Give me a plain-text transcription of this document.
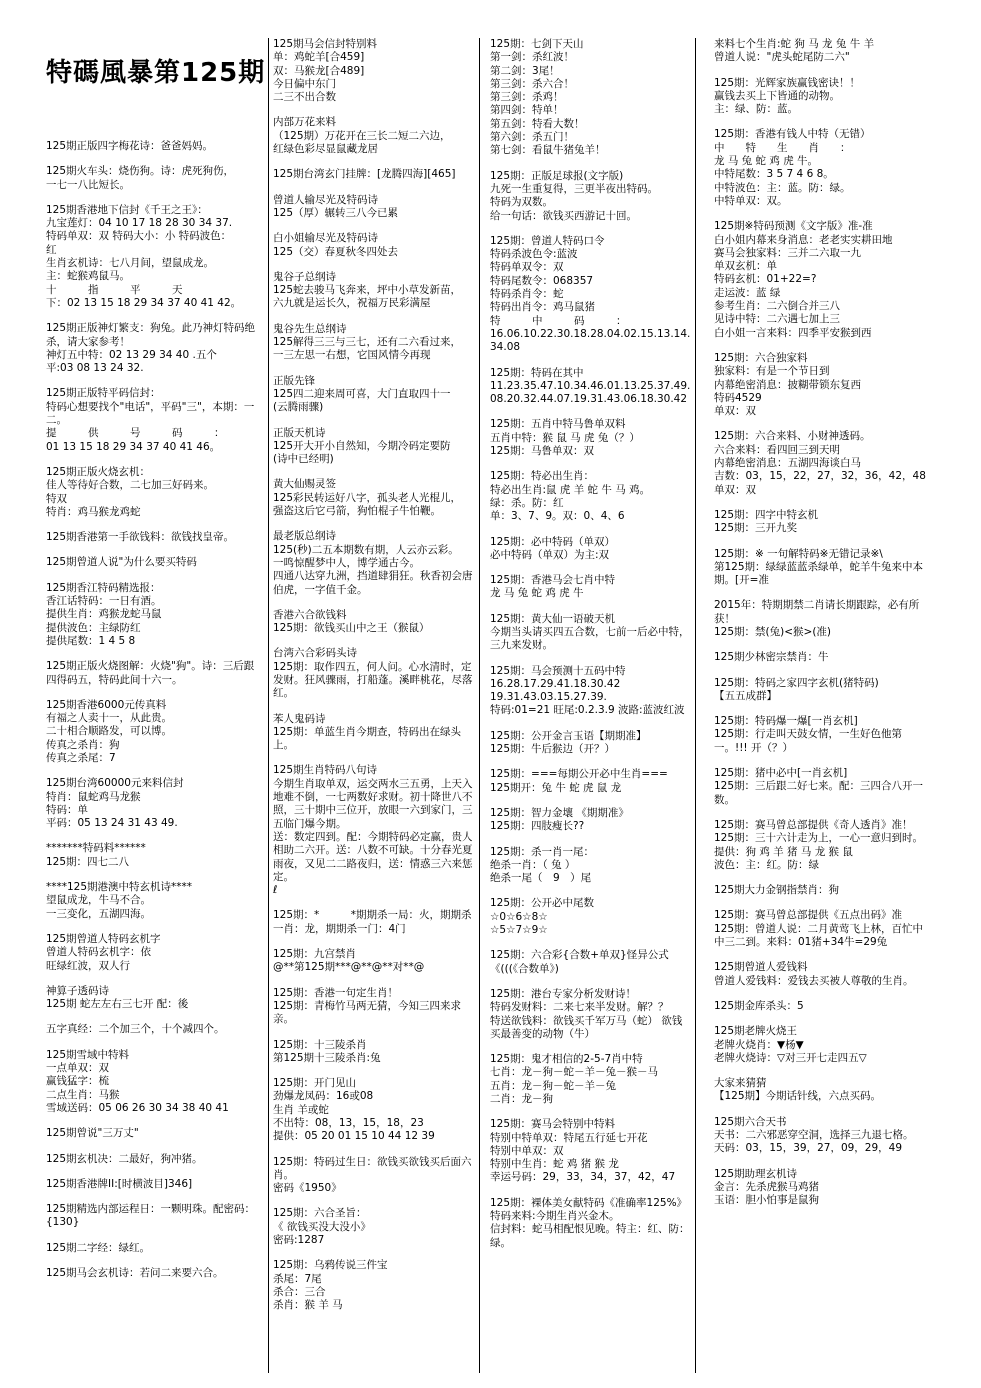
特碼風暴第125期
125期正版四字梅花诗：爸爸妈妈。
125期火车头：烧伤狗。诗：虎死狗伤，
一七一八比短长。
125期香港地下信封《千王之王》：
九宝莲灯：04 10 17 18 28 30 34 37.
特码单双：双 特码大小：小 特码波色：
红
生肖玄机诗：七八月间，望鼠成龙。
主：蛇猴鸡鼠马。
十　　　指　　　平　　　天
下：02 13 15 18 29 34 37 40 41 42。
125期正版神灯繁支：狗兔。此乃神灯特码绝杀，请大家参考！
神灯五中特：02 13 29 34 40 .五个
平:03 08 13 24 32.
125期正版特平码信封：
特码心想要找个"电话"，平码"三"，本期：一二。
提　　　供　　　号　　　码　　　：
01 13 15 18 29 34 37 40 41 46。
125期正版火烧玄机：
佳人等待好合数，二七加三好码来。
特双
特肖：鸡马猴龙鸡蛇
125期香港第一手欲钱料：欲钱找皇帝。
125期曾道人说"为什么要买特码
125期香江特码精选报：
香江话特码：一日有酒。
提供生肖：鸡猴龙蛇马鼠
提供波色：主绿防红
提供尾数：1 4 5 8
125期正版火烧图解：火烧"狗"。诗：三后跟四得码五，特码此间十六一。
125期香港6000元传真料
有福之人卖十一，从此贵。
二十相合顺路发，可以博。
传真之杀肖：狗
传真之杀尾：7
125期台湾60000元来料信封
特肖：鼠蛇鸡马龙猴
特码：单
平码：05 13 24 31 43 49.
*******特码料******
125期：四七二八
****125期港澳中特玄机诗****
望鼠成龙，牛马不合。
一三变化，五湖四海。
125期曾道人特码玄机字
曾道人特码玄机字：依
旺绿红波，双人行
神算子透码诗
125期 蛇左左右三七开 配：後
五字真经：二个加三个，十个减四个。
125期雪域中特料
一点单双：双
赢钱猛字：梳
二点生肖：马猴
雪域送码：05 06 26 30 34 38 40 41
125期曾说"三万丈"
125期玄机决：二最好，狗冲猪。
125期香港牌II:[时横波目]346]
125期精选内部运程日：一颗明珠。配密码：{130}
125期二字经：绿红。
125期马会玄机诗：若问二来要六合。
125期马会信封特别料
单：鸡蛇羊[合459]
双：马猴龙[合489]
今日偏中东门
二三不出合数
内部万花来料
（125期）万花开在三长二短二六边，
红绿色彩尽显鼠藏龙居
125期台湾玄门挂牌：[龙腾四海][465]
曾道人输尽光及特码诗
125（厚）辗转三八今已累
白小姐输尽光及特码诗
125（交）春夏秋冬四处去
鬼谷子总纲诗
125蛇去骏马飞奔来，坪中小草发新苗，
六九就是运长久，祝福万民彩满屋
鬼谷先生总纲诗
125解得三三与三七，还有二六看过来，
一三左思一右想，它国风情今再现
正版先锋
125四二迎来周可喜，大门直取四十一
(云腾雨骤)
正版天机诗
125开大开小自然知，今期冷码定要防
(诗中已经明)
黄大仙赐灵签
125彩民转运好八字，孤头老人光棍儿，
强盗这后它弓箭，狗怕棍子牛怕鞭。
最老版总纲诗
125(秒)二五本期数有期，人云亦云彩。
一鸣惊醒梦中人，博学通古今。
四通八达穿九洲，挡道肆狷狂。秋香初会唐伯虎，一字值千金。
香港六合欲钱料
125期：欲钱买山中之王（猴鼠）
台湾六合彩码头诗
125期：取作四五，何人问。心水清时，定发财。狂风骤雨，打船蓬。溪畔桃花，尽落红。
苯人鬼码诗
125期：单蓝生肖今期查，特码出在绿头上。
125期生肖特码八句诗
今期生肖取单双，运交两水三五勇，上天入地难不倒，一七两数好求财。初十降世八不照，三十期中三位开，放眼一六到家门，三五临门爆今期。
送：数定四到。配：今期特码必定赢，贵人相助二六开。送：八数不可缺。十分春光夏雨夜，又见二二路夜归，送：情惑三六来惩定。
ℓ
125期：*　　　*期期杀一局：火，期期杀一肖：龙，期期杀一门：4门
125期：九宫禁肖
@**第125期***@**@**对**@
125期：香港一句定生肖！
125期：青梅竹马两无猜，今知三四来求亲。
125期：十三陵杀肖
第125期十三陵杀肖:兔
125期：开门见山
劲爆龙凤码：16或08
生肖 羊或蛇
不出特：08，13，15，18，23
提供：05 20 01 15 10 44 12 39
125期：特码过生日：欲钱买欲钱买后面六肖。
密码《1950》
125期：六合圣旨：
《 欲钱买没大没小》
密码:1287
125期：乌鸦传说三件宝
杀尾：7尾
杀合：三合
杀肖：猴 羊 马
125期：七剑下天山
第一剑：杀红波！
第二剑：3尾！
第三剑：杀六合！
第三剑：杀鸡！
第四剑：特单！
第五剑：特看大数！
第六剑：杀五门！
第七剑：看鼠牛猪兔羊！
125期：正版足球报(文字版)
九死一生重复得，三更半夜出特码。
特码为双数。
给一句话：欲钱买西游记十回。
125期：曾道人特码口令
特码杀波色令:蓝波
特码单双令：双
特码尾数令：068357
特码杀肖令：蛇
特码出肖令：鸡马鼠猪
特　　　中　　　码　　　：
16.06.10.22.30.18.28.04.02.15.13.14.34.08
125期：特码在其中
11.23.35.47.10.34.46.01.13.25.37.49.08.20.32.44.07.19.31.43.06.18.30.42
125期：五肖中特马鲁单双料
五肖中特：猴 鼠 马 虎 兔（？）
125期：马鲁单双：双
125期：特必出生肖：
特必出生肖:鼠 虎 羊 蛇 牛 马 鸡。
绿：杀。防：红
单：3、7、9。双：0、4、6
125期：必中特码（单双）
必中特码（单双）为主:双
125期：香港马会七肖中特
龙 马 兔 蛇 鸡 虎 牛
125期：黄大仙一语破天机
今期当头请买四五合数，七前一后必中特，三九来发财。
125期：马会预测十五码中特
16.28.17.29.41.18.30.42
19.31.43.03.15.27.39.
特码:01=21 旺尾:0.2.3.9 波路:蓝波红波
125期：公开金言玉语【期期准】
125期：牛后猴边（开？）
125期：===每期公开必中生肖===
125期开：兔 牛 蛇 虎 鼠 龙
125期：智力金壤 《期期准》
125期：四肢瘦长??
125期：杀一肖一尾：
绝杀一肖：（ 兔 ）
绝杀一尾（　9　）尾
125期：公开必中尾数
☆0☆6☆8☆
☆5☆7☆9☆
125期：六合彩{合数+单双}怪异公式
《(((《合数单》)
125期：港台专家分析发财诗！
特码发财料：二来七来半发财。解？？
特送欲钱料：欲钱买千军万马（蛇） 欲钱买最善变的动物（牛）
125期：鬼才相信的2-5-7肖中特
七肖：龙－狗－蛇－羊－兔－猴－马
五肖：龙－狗－蛇－羊－兔
二肖：龙－狗
125期：赛马会特别中特料
特别中特单双：特尾五行延七开花
特别中单双：双
特别中生肖：蛇 鸡 猪 猴 龙
幸运号码：29，33，34，37，42，47
125期：裸体美女献特码《准确率125%》
特码来料:今期生肖兴金木。
信封料：蛇马相配恨见晚。特主：红、防：绿。
来料七个生肖:蛇 狗 马 龙 兔 牛 羊
曾道人说："虎头蛇尾防二六"
125期：光辉家族赢钱密诀！！
赢钱去买上下皆通的动物。
主：绿、防：蓝。
125期：香港有钱人中特（无错）
中　　特　　生　　肖　　：
龙 马 兔 蛇 鸡 虎 牛。
中特尾数：3 5 7 4 6 8。
中特波色：主：蓝。防：绿。
中特单双：双。
125期※特码预测《文字版》准-准
白小姐内幕来身消息：老老实实耕田地
赛马会独家料：三并二六取一九
单双玄机：单
特码玄机：01+22=?
走运波：蓝 绿
参考生肖：二六倒合并三八
见诗中特：二六遇七加上三
白小姐一言来料：四季平安猴到西
125期：六合独家料
独家料：有是一个节日到
内幕绝密消息：披糊带锁东复西
特码4529
单双：双
125期：六合来料、小财神透码。
六合来料：看四回三到天明
内幕绝密消息：五湖四海谈白马
吉数：03，15，22，27，32，36，42，48
单双：双
125期：四字中特玄机
125期：三开九奖
125期：※ 一句解特码※无错记录※\
第125期：绿绿蓝蓝杀绿单，蛇羊牛兔来中本期。[开=准
2015年：特期期禁二肖请长期跟踪，必有所获！
125期：禁(兔)<猴>(准)
125期少林密宗禁肖：牛
125期：特码之家四字玄机(猪特码)
【五五成群】
125期：特码爆一爆[一肖玄机]
125期：行走叫天鼓女情，一生好色他第一。!!! 开（？）
125期：猪中必中[一肖玄机]
125期：三后跟二好七来。配：三四合八开一数。
125期：赛马曾总部提供《奇人透肖》准！
125期：三十六计走为上，一心一意归到时。
提供：狗 鸡 羊 猪 马 龙 猴 鼠
波色：主：红。防：绿
125期大力金钢指禁肖：狗
125期：赛马曾总部提供《五点出码》准
125期：曾道人说：二月黄莺飞上林，百忙中中三二到。来料：01猪+34牛=29兔
125期曾道人爱钱料
曾道人爱钱料：爱钱去买被人尊敬的生肖。
125期金库杀头：5
125期老牌火烧王
老牌火烧肖：▼杨▼
老牌火烧诗：▽对三开七走四五▽
大家来猜猜
【125期】今期话针线，六点买码。
125期六合天书
天书：二六邪恶穿空洞，选择三九退七格。
天码：03，15，39，27，09，29，49
125期助理玄机诗
金言：先杀虎猴马鸡猪
玉语：胆小怕事是鼠狗
